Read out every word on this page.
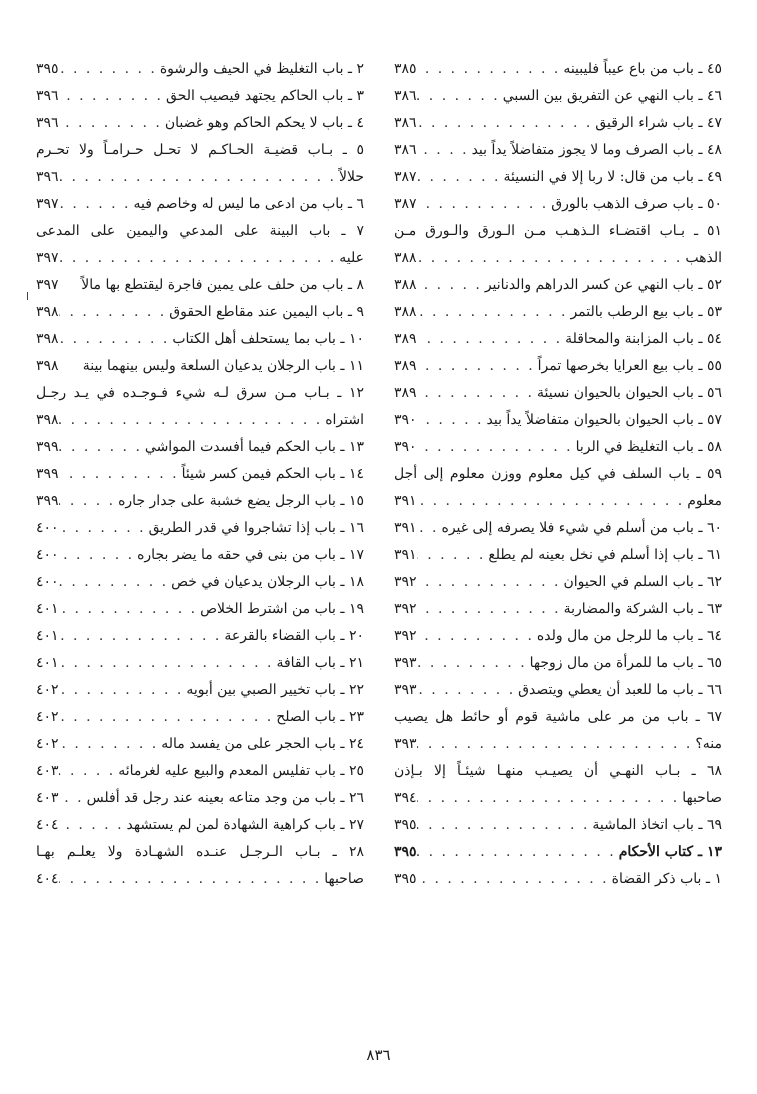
٤٥ ـ باب من باع عيباً فليبينه
. . .
٣٨٥
٤٦ ـ باب النهي عن التفريق بين السبي
. . .
٣٨٦
٤٧ ـ باب شراء الرقيق
. . .
٣٨٦
٤٨ ـ باب الصرف وما لا يجوز متفاضلاً يداً بيد
. . .
٣٨٦
٤٩ ـ باب من قال: لا ربا إلا في النسيئة
. . .
٣٨٧
٥٠ ـ باب صرف الذهب بالورق
. . .
٣٨٧
٥١ ـ بـاب اقتضـاء الـذهـب مـن الـورق والـورق مـن
الذهب
. . .
٣٨٨
٥٢ ـ باب النهي عن كسر الدراهم والدنانير
. . .
٣٨٨
٥٣ ـ باب بيع الرطب بالتمر
. . .
٣٨٨
٥٤ ـ باب المزابنة والمحاقلة
. . .
٣٨٩
٥٥ ـ باب بيع العرايا بخرصها تمراً
. . .
٣٨٩
٥٦ ـ باب الحيوان بالحيوان نسيئة
. . .
٣٨٩
٥٧ ـ باب الحيوان بالحيوان متفاضلاً يداً بيد
. . .
٣٩٠
٥٨ ـ باب التغليظ في الربا
. . .
٣٩٠
٥٩ ـ باب السلف في كيل معلوم ووزن معلوم إلى أجل
معلوم
. . .
٣٩١
٦٠ ـ باب من أسلم في شيء فلا يصرفه إلى غيره
. . .
٣٩١
٦١ ـ باب إذا أسلم في نخل بعينه لم يطلع
. . .
٣٩١
٦٢ ـ باب السلم في الحيوان
. . .
٣٩٢
٦٣ ـ باب الشركة والمضاربة
. . .
٣٩٢
٦٤ ـ باب ما للرجل من مال ولده
. . .
٣٩٢
٦٥ ـ باب ما للمرأة من مال زوجها
. . .
٣٩٣
٦٦ ـ باب ما للعبد أن يعطي ويتصدق
. . .
٣٩٣
٦٧ ـ باب من مر على ماشية قوم أو حائط هل يصيب
منه؟
. . .
٣٩٣
٦٨ ـ بـاب النهـي أن يصيـب منهـا شيئـاً إلا بـإذن
صاحبها
. . .
٣٩٤
٦٩ ـ باب اتخاذ الماشية
. . .
٣٩٥
١٣ ـ كتاب الأحكام
. . .
٣٩٥
١ ـ باب ذكر القضاة
. . .
٣٩٥
٢ ـ باب التغليظ في الحيف والرشوة
. . .
٣٩٥
٣ ـ باب الحاكم يجتهد فيصيب الحق
. . .
٣٩٦
٤ ـ باب لا يحكم الحاكم وهو غضبان
. . .
٣٩٦
٥ ـ بـاب قضيـة الحـاكـم لا تحـل حـرامـاً ولا تحـرم
حلالاً
. . .
٣٩٦
٦ ـ باب من ادعى ما ليس له وخاصم فيه
. . .
٣٩٧
٧ ـ باب البينة على المدعي واليمين على المدعى
عليه
. . .
٣٩٧
٨ ـ باب من حلف على يمين فاجرة ليقتطع بها مالاً
٣٩٧
٩ ـ باب اليمين عند مقاطع الحقوق
. . .
٣٩٨
١٠ ـ باب بما يستحلف أهل الكتاب
. . .
٣٩٨
١١ ـ باب الرجلان يدعيان السلعة وليس بينهما بينة
٣٩٨
١٢ ـ بـاب مـن سرق لـه شيء فـوجـده في يـد رجـل
اشتراه
. . .
٣٩٨
١٣ ـ باب الحكم فيما أفسدت المواشي
. . .
٣٩٩
١٤ ـ باب الحكم فيمن كسر شيئاً
. . .
٣٩٩
١٥ ـ باب الرجل يضع خشبة على جدار جاره
. . .
٣٩٩
١٦ ـ باب إذا تشاجروا في قدر الطريق
. . .
٤٠٠
١٧ ـ باب من بنى في حقه ما يضر بجاره
. . .
٤٠٠
١٨ ـ باب الرجلان يدعيان في خص
. . .
٤٠٠
١٩ ـ باب من اشترط الخلاص
. . .
٤٠١
٢٠ ـ باب القضاء بالقرعة
. . .
٤٠١
٢١ ـ باب القافة
. . .
٤٠١
٢٢ ـ باب تخيير الصبي بين أبويه
. . .
٤٠٢
٢٣ ـ باب الصلح
. . .
٤٠٢
٢٤ ـ باب الحجر على من يفسد ماله
. . .
٤٠٢
٢٥ ـ باب تفليس المعدم والبيع عليه لغرمائه
. . .
٤٠٣
٢٦ ـ باب من وجد متاعه بعينه عند رجل قد أفلس
. . .
٤٠٣
٢٧ ـ باب كراهية الشهادة لمن لم يستشهد
. . .
٤٠٤
٢٨ ـ بـاب الـرجـل عنـده الشهـادة ولا يعلـم بهـا
صاحبها
. . .
٤٠٤
٨٣٦
